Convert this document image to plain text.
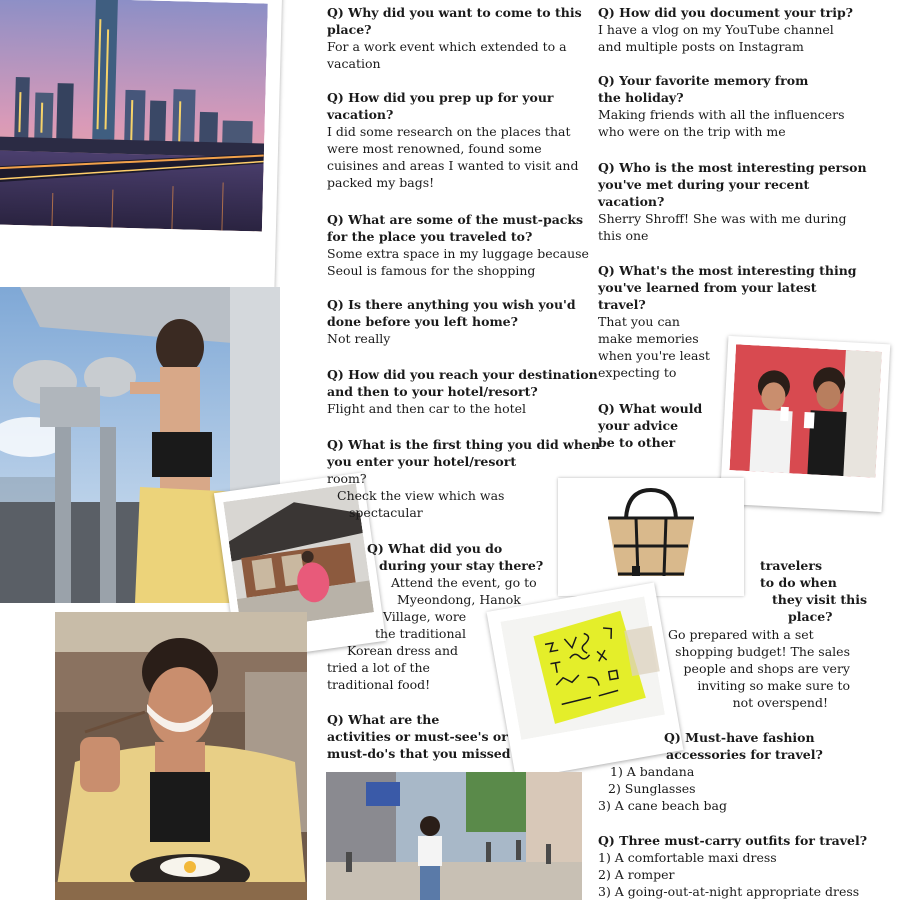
Q) Why did you want to come to this
place?
For a work event which extended to a
vacation
Q) How did you prep up for your
vacation?
I did some research on the places that
were most renowned, found some
cuisines and areas I wanted to visit and
packed my bags!
Q) What are some of the must-packs
for the place you traveled to?
Some extra space in my luggage because
Seoul is famous for the shopping
Q) Is there anything you wish you'd
done before you left home?
Not really
Q) How did you reach your destination
and then to your hotel/resort?
Flight and then car to the hotel
Q) What is the first thing you did when
you enter your hotel/resort
room?
Check the view which was
spectacular
Q) What did you do
during your stay there?
Attend the event, go to
Myeondong, Hanok
Village, wore
the traditional
Korean dress and
tried a lot of the
traditional food!
Q) What are the
activities or must-see's or
must-do's that you missed
Q) How did you document your trip?
I have a vlog on my YouTube channel
and multiple posts on Instagram
Q) Your favorite memory from
the holiday?
Making friends with all the influencers
who were on the trip with me
Q) Who is the most interesting person
you've met during your recent
vacation?
Sherry Shroff! She was with me during
this one
Q) What's the most interesting thing
you've learned from your latest
travel?
That you can
make memories
when you're least
expecting to
Q) What would
your advice
be to other
travelers
to do when
they visit this
place?
Go prepared with a set
shopping budget! The sales
people and shops are very
inviting so make sure to
not overspend!
Q) Must-have fashion
accessories for travel?
1) A bandana
2) Sunglasses
3) A cane beach bag
Q) Three must-carry outfits for travel?
1) A comfortable maxi dress
2) A romper
3) A going-out-at-night appropriate dress
